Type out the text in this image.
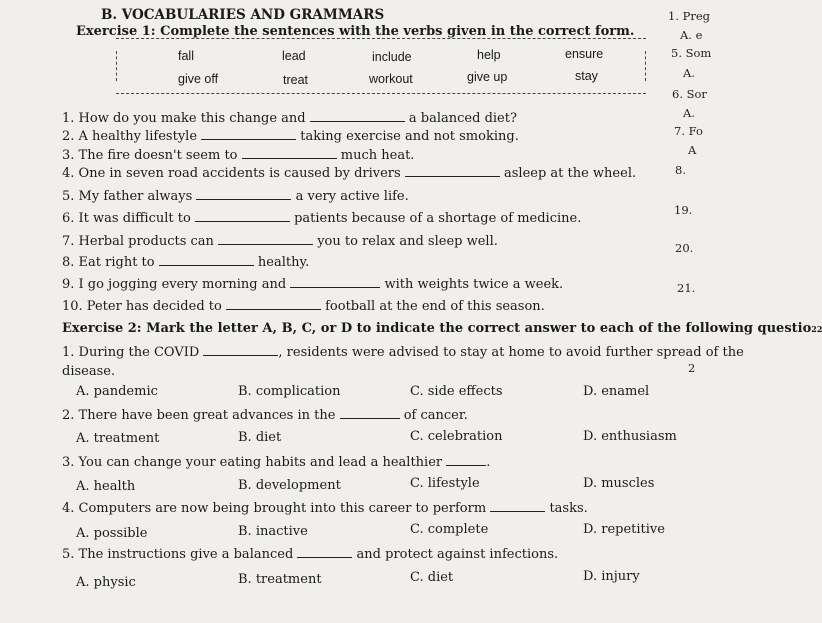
B. VOCABULARIES AND GRAMMARS
Exercise 1: Complete the sentences with the verbs given in the correct form.
fall	lead	include	help	ensure
give off	treat	workout	give up	stay
1. How do you make this change and	a balanced diet?
2. A healthy lifestyle	taking exercise and not smoking.
3. The fire doesn't seem to	much heat.
4. One in seven road accidents is caused by drivers	asleep at the wheel.
5. My father always	a very active life.
6. It was difficult to	patients because of a shortage of medicine.
7. Herbal products can	you to relax and sleep well.
8. Eat right to	healthy.
9. I go jogging every morning and	with weights twice a week.
10. Peter has decided to	football at the end of this season.
Exercise 2: Mark the letter A, B, C, or D to indicate the correct answer to each of the following questio22
1. During the COVID	, residents were advised to stay at home to avoid further spread of the
disease.
A. pandemic	B. complication	C. side effects	D. enamel
2. There have been great advances in the	of cancer.
A. treatment	B. diet	C. celebration	D. enthusiasm
3. You can change your eating habits and lead a healthier	.
A. health	B. development	C. lifestyle	D. muscles
4. Computers are now being brought into this career to perform	tasks.
A. possible	B. inactive	C. complete	D. repetitive
5. The instructions give a balanced	and protect against infections.
A. physic	B. treatment	C. diet	D. injury
1. Preg
A. e
5. Som
A.
6. Sor
A.
7. Fo
A
8.
19.
20.
21.
2
